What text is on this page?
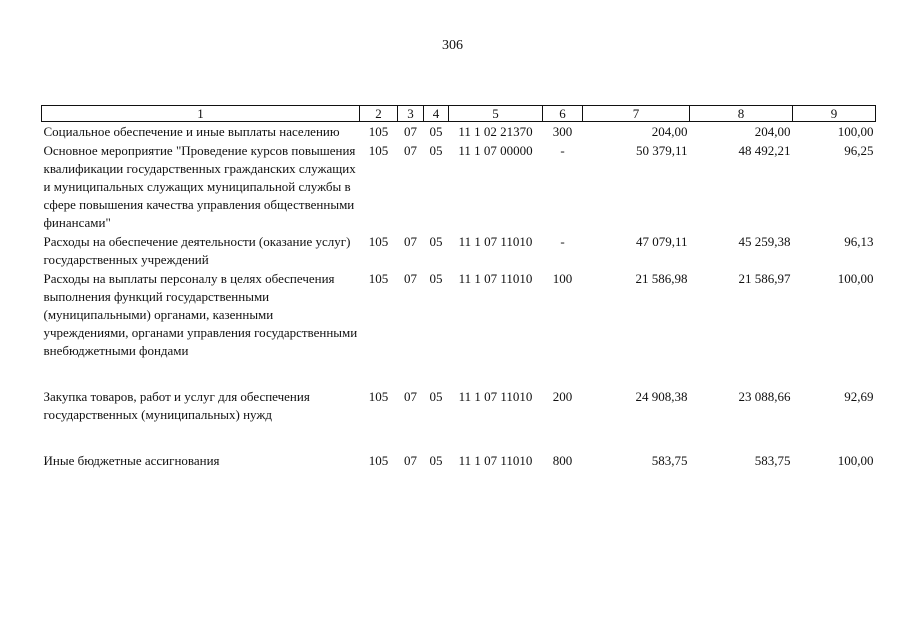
306
1	2	3	4	5	6	7	8	9
Социальное обеспечение и иные выплаты населению	105	07	05	11 1 02 21370	300	204,00	204,00	100,00
Основное мероприятие "Проведение курсов повышения квалификации государственных гражданских служащих и муниципальных служащих муниципальной службы в сфере повышения качества управления общественными финансами"	105	07	05	11 1 07 00000	-	50 379,11	48 492,21	96,25
Расходы на обеспечение деятельности (оказание услуг) государственных учреждений	105	07	05	11 1 07 11010	-	47 079,11	45 259,38	96,13
Расходы на выплаты персоналу в целях обеспечения выполнения функций государственными (муниципальными) органами, казенными учреждениями, органами управления государственными внебюджетными фондами	105	07	05	11 1 07 11010	100	21 586,98	21 586,97	100,00

Закупка товаров, работ и услуг для обеспечения государственных (муниципальных) нужд	105	07	05	11 1 07 11010	200	24 908,38	23 088,66	92,69

Иные бюджетные ассигнования	105	07	05	11 1 07 11010	800	583,75	583,75	100,00
